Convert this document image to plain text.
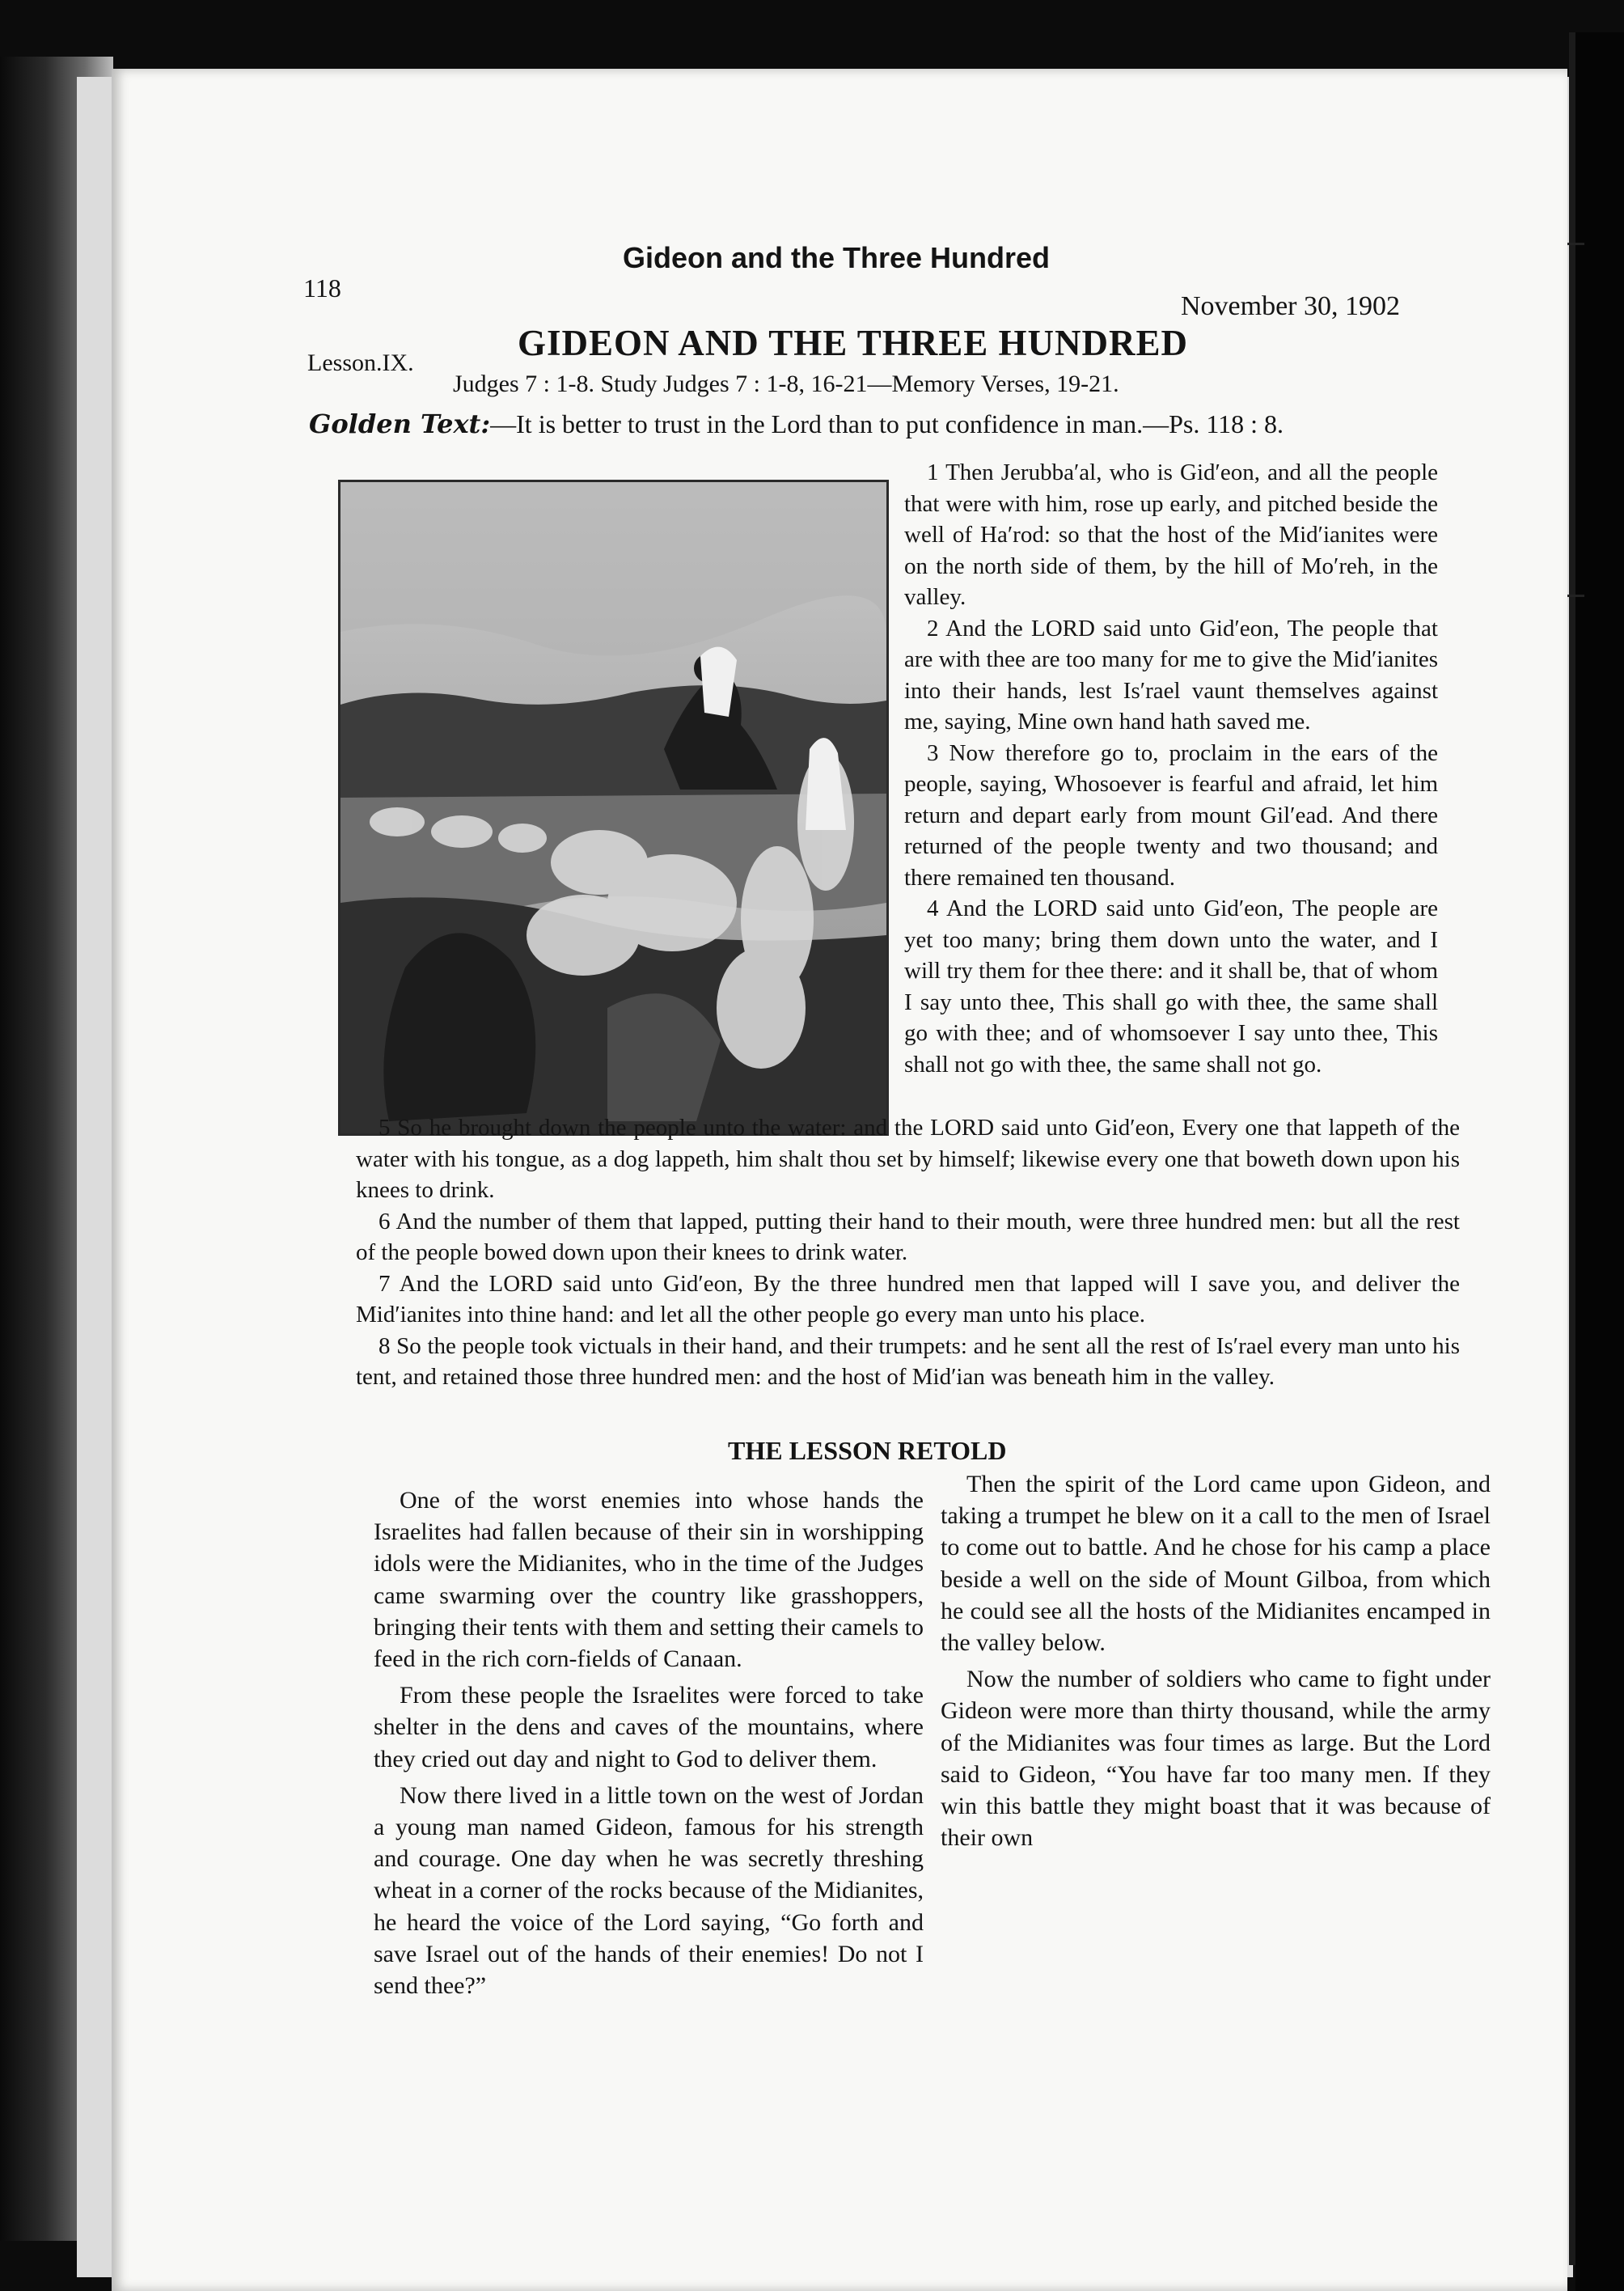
118

Gideon and the Three Hundred

Lesson.IX.	GIDEON AND THE THREE HUNDRED

November 30, 1902

Judges 7 : 1-8. Study Judges 7 : 1-8, 16-21—Memory Verses, 19-21.

Golden Text:—It is better to trust in the Lord than to put confidence in man.—Ps. 118 : 8.

1 Then Jerubba′al, who is Gid′eon, and all the people that were with him, rose up early, and pitched beside the well of Ha′rod: so that the host of the Mid′ianites were on the north side of them, by the hill of Mo′reh, in the valley.

2 And the LORD said unto Gid′eon, The people that are with thee are too many for me to give the Mid′ianites into their hands, lest Is′rael vaunt themselves against me, saying, Mine own hand hath saved me.

3 Now therefore go to, proclaim in the ears of the people, saying, Whosoever is fearful and afraid, let him return and depart early from mount Gil′ead. And there returned of the people twenty and two thousand; and there remained ten thousand.

4 And the LORD said unto Gid′eon, The people are yet too many; bring them down unto the water, and I will try them for thee there: and it shall be, that of whom I say unto thee, This shall go with thee, the same shall go with thee; and of whomsoever I say unto thee, This shall not go with thee, the same shall not go.

5 So he brought down the people unto the water: and the LORD said unto Gid′eon, Every one that lappeth of the water with his tongue, as a dog lappeth, him shalt thou set by himself; likewise every one that boweth down upon his knees to drink.

6 And the number of them that lapped, putting their hand to their mouth, were three hundred men: but all the rest of the people bowed down upon their knees to drink water.

7 And the LORD said unto Gid′eon, By the three hundred men that lapped will I save you, and deliver the Mid′ianites into thine hand: and let all the other people go every man unto his place.

8 So the people took victuals in their hand, and their trumpets: and he sent all the rest of Is′rael every man unto his tent, and retained those three hundred men: and the host of Mid′ian was beneath him in the valley.

THE LESSON RETOLD

One of the worst enemies into whose hands the Israelites had fallen because of their sin in worshipping idols were the Midianites, who in the time of the Judges came swarming over the country like grasshoppers, bringing their tents with them and setting their camels to feed in the rich corn-fields of Canaan.

From these people the Israelites were forced to take shelter in the dens and caves of the mountains, where they cried out day and night to God to deliver them.

Now there lived in a little town on the west of Jordan a young man named Gideon, famous for his strength and courage. One day when he was secretly threshing wheat in a corner of the rocks because of the Midianites, he heard the voice of the Lord saying, “Go forth and save Israel out of the hands of their enemies! Do not I send thee?”

Then the spirit of the Lord came upon Gideon, and taking a trumpet he blew on it a call to the men of Israel to come out to battle. And he chose for his camp a place beside a well on the side of Mount Gilboa, from which he could see all the hosts of the Midianites encamped in the valley below.

Now the number of soldiers who came to fight under Gideon were more than thirty thousand, while the army of the Midianites was four times as large. But the Lord said to Gideon, “You have far too many men. If they win this battle they might boast that it was because of their own
